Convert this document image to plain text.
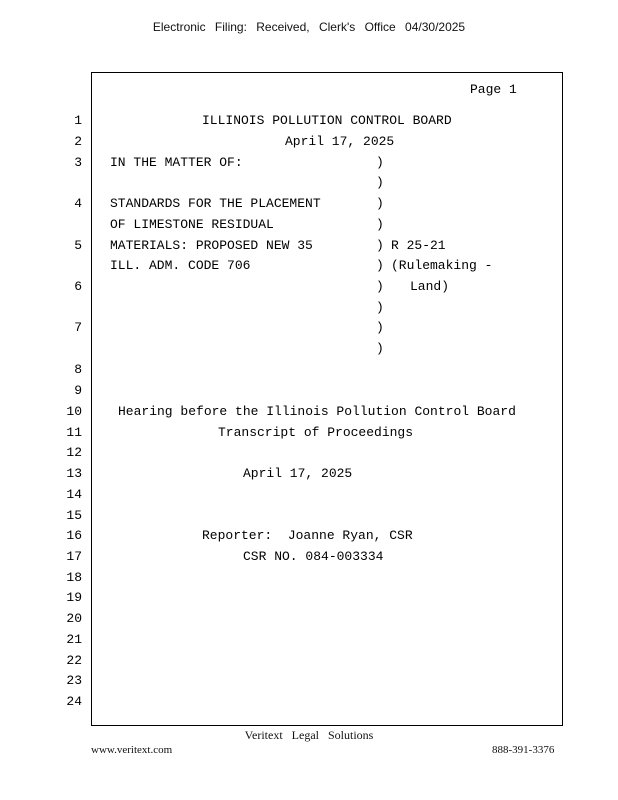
Electronic Filing: Received, Clerk's Office 04/30/2025
Page 1
1
2
3
4
5
6
7
8
9
10
11
12
13
14
15
16
17
18
19
20
21
22
23
24
ILLINOIS POLLUTION CONTROL BOARD
April 17, 2025
IN THE MATTER OF:
STANDARDS FOR THE PLACEMENT
OF LIMESTONE RESIDUAL
MATERIALS: PROPOSED NEW 35
ILL. ADM. CODE 706
)
)
)
)
)
)
)
)
)
)
R 25-21
(Rulemaking -
Land)
Hearing before the Illinois Pollution Control Board
Transcript of Proceedings
April 17, 2025
Reporter:  Joanne Ryan, CSR
CSR NO. 084-003334
Veritext Legal Solutions
www.veritext.com	888-391-3376
